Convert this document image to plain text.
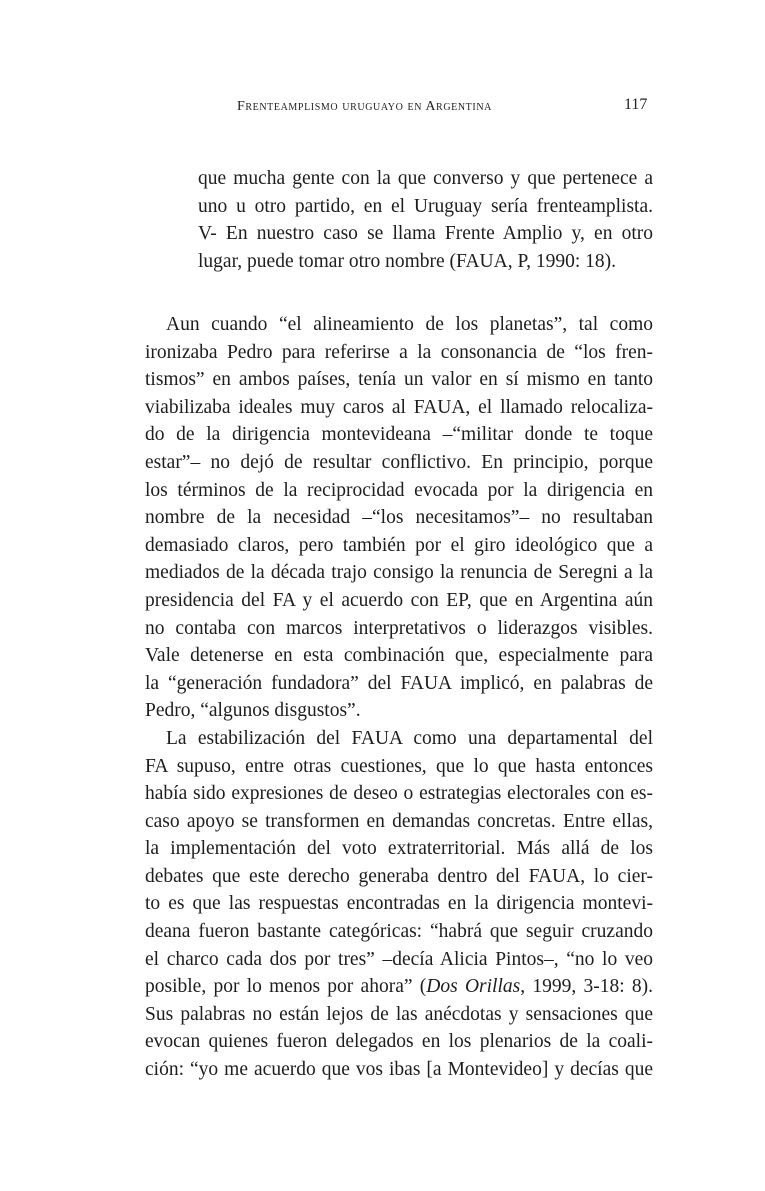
Frenteamplismo uruguayo en Argentina	117
que mucha gente con la que converso y que pertenece a
uno u otro partido, en el Uruguay sería frenteamplista.
V- En nuestro caso se llama Frente Amplio y, en otro
lugar, puede tomar otro nombre (FAUA, P, 1990: 18).
Aun cuando “el alineamiento de los planetas”, tal como
ironizaba Pedro para referirse a la consonancia de “los fren-
tismos” en ambos países, tenía un valor en sí mismo en tanto
viabilizaba ideales muy caros al FAUA, el llamado relocaliza-
do de la dirigencia montevideana –“militar donde te toque
estar”– no dejó de resultar conflictivo. En principio, porque
los términos de la reciprocidad evocada por la dirigencia en
nombre de la necesidad –“los necesitamos”– no resultaban
demasiado claros, pero también por el giro ideológico que a
mediados de la década trajo consigo la renuncia de Seregni a la
presidencia del FA y el acuerdo con EP, que en Argentina aún
no contaba con marcos interpretativos o liderazgos visibles.
Vale detenerse en esta combinación que, especialmente para
la “generación fundadora” del FAUA implicó, en palabras de
Pedro, “algunos disgustos”.
La estabilización del FAUA como una departamental del
FA supuso, entre otras cuestiones, que lo que hasta entonces
había sido expresiones de deseo o estrategias electorales con es-
caso apoyo se transformen en demandas concretas. Entre ellas,
la implementación del voto extraterritorial. Más allá de los
debates que este derecho generaba dentro del FAUA, lo cier-
to es que las respuestas encontradas en la dirigencia montevi-
deana fueron bastante categóricas: “habrá que seguir cruzando
el charco cada dos por tres” –decía Alicia Pintos–, “no lo veo
posible, por lo menos por ahora” (Dos Orillas, 1999, 3-18: 8).
Sus palabras no están lejos de las anécdotas y sensaciones que
evocan quienes fueron delegados en los plenarios de la coali-
ción: “yo me acuerdo que vos ibas [a Montevideo] y decías que
